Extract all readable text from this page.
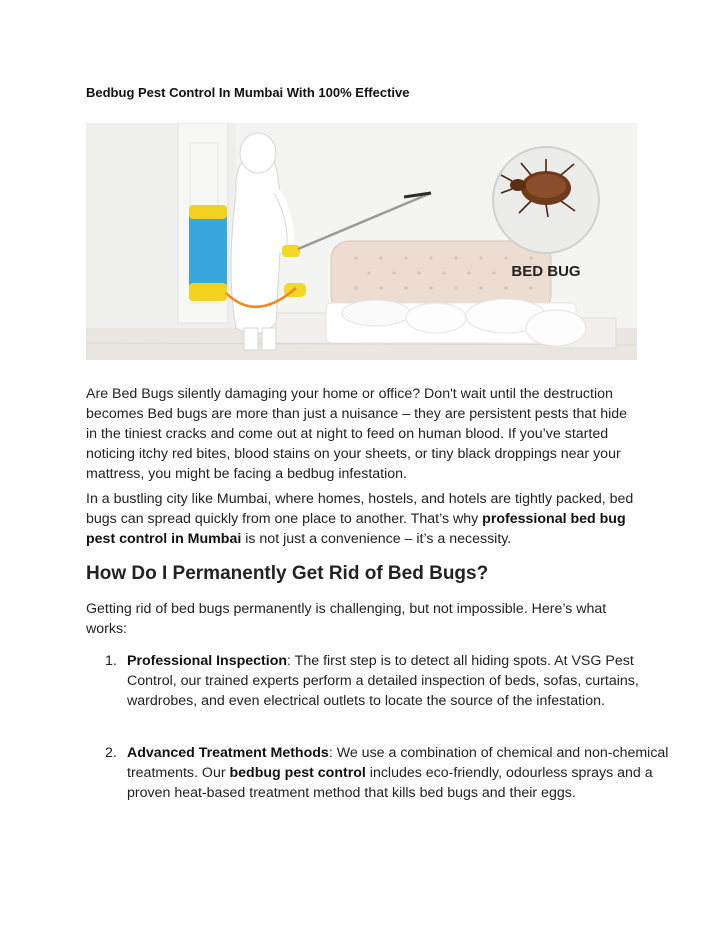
Bedbug Pest Control In Mumbai With 100% Effective
BED BUG
Are Bed Bugs silently damaging your home or office? Don't wait until the destruction becomes Bed bugs are more than just a nuisance – they are persistent pests that hide in the tiniest cracks and come out at night to feed on human blood. If you’ve started noticing itchy red bites, blood stains on your sheets, or tiny black droppings near your mattress, you might be facing a bedbug infestation.
In a bustling city like Mumbai, where homes, hostels, and hotels are tightly packed, bed bugs can spread quickly from one place to another. That’s why professional bed bug pest control in Mumbai is not just a convenience – it’s a necessity.
How Do I Permanently Get Rid of Bed Bugs?
Getting rid of bed bugs permanently is challenging, but not impossible. Here’s what works:
1. Professional Inspection: The first step is to detect all hiding spots. At VSG Pest Control, our trained experts perform a detailed inspection of beds, sofas, curtains, wardrobes, and even electrical outlets to locate the source of the infestation.
2. Advanced Treatment Methods: We use a combination of chemical and non-chemical treatments. Our bedbug pest control includes eco-friendly, odourless sprays and a proven heat-based treatment method that kills bed bugs and their eggs.
